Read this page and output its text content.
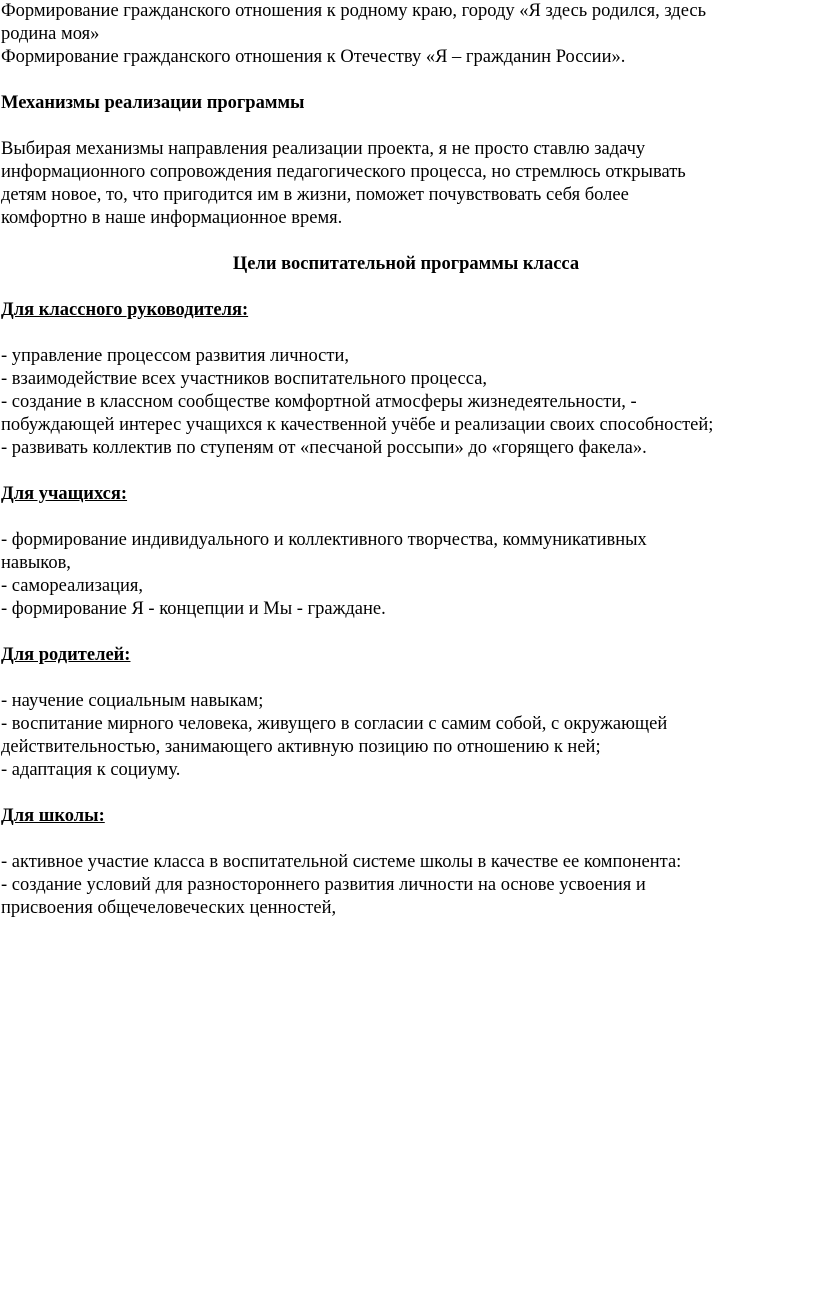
Формирование гражданского отношения к родному краю, городу «Я здесь родился, здесь
родина моя»
Формирование гражданского отношения к Отечеству «Я – гражданин России».
Механизмы реализации программы
Выбирая механизмы направления реализации проекта, я не просто ставлю задачу
информационного сопровождения педагогического процесса, но стремлюсь открывать
детям новое, то, что пригодится им в жизни, поможет почувствовать себя более
комфортно в наше информационное время.
Цели воспитательной программы класса
Для классного руководителя:
- управление процессом развития личности,
- взаимодействие всех участников воспитательного процесса,
- создание в классном сообществе комфортной атмосферы жизнедеятельности, -
побуждающей интерес учащихся к качественной учёбе и реализации своих способностей;
- развивать коллектив по ступеням от «песчаной россыпи» до «горящего факела».
Для учащихся:
- формирование индивидуального и коллективного творчества, коммуникативных
навыков,
- самореализация,
- формирование Я - концепции и Мы - граждане.
Для родителей:
- научение социальным навыкам;
- воспитание мирного человека, живущего в согласии с самим собой, с окружающей
действительностью, занимающего активную позицию по отношению к ней;
- адаптация к социуму.
Для школы:
- активное участие класса в воспитательной системе школы в качестве ее компонента:
- создание условий для разностороннего развития личности на основе усвоения и
присвоения общечеловеческих ценностей,
